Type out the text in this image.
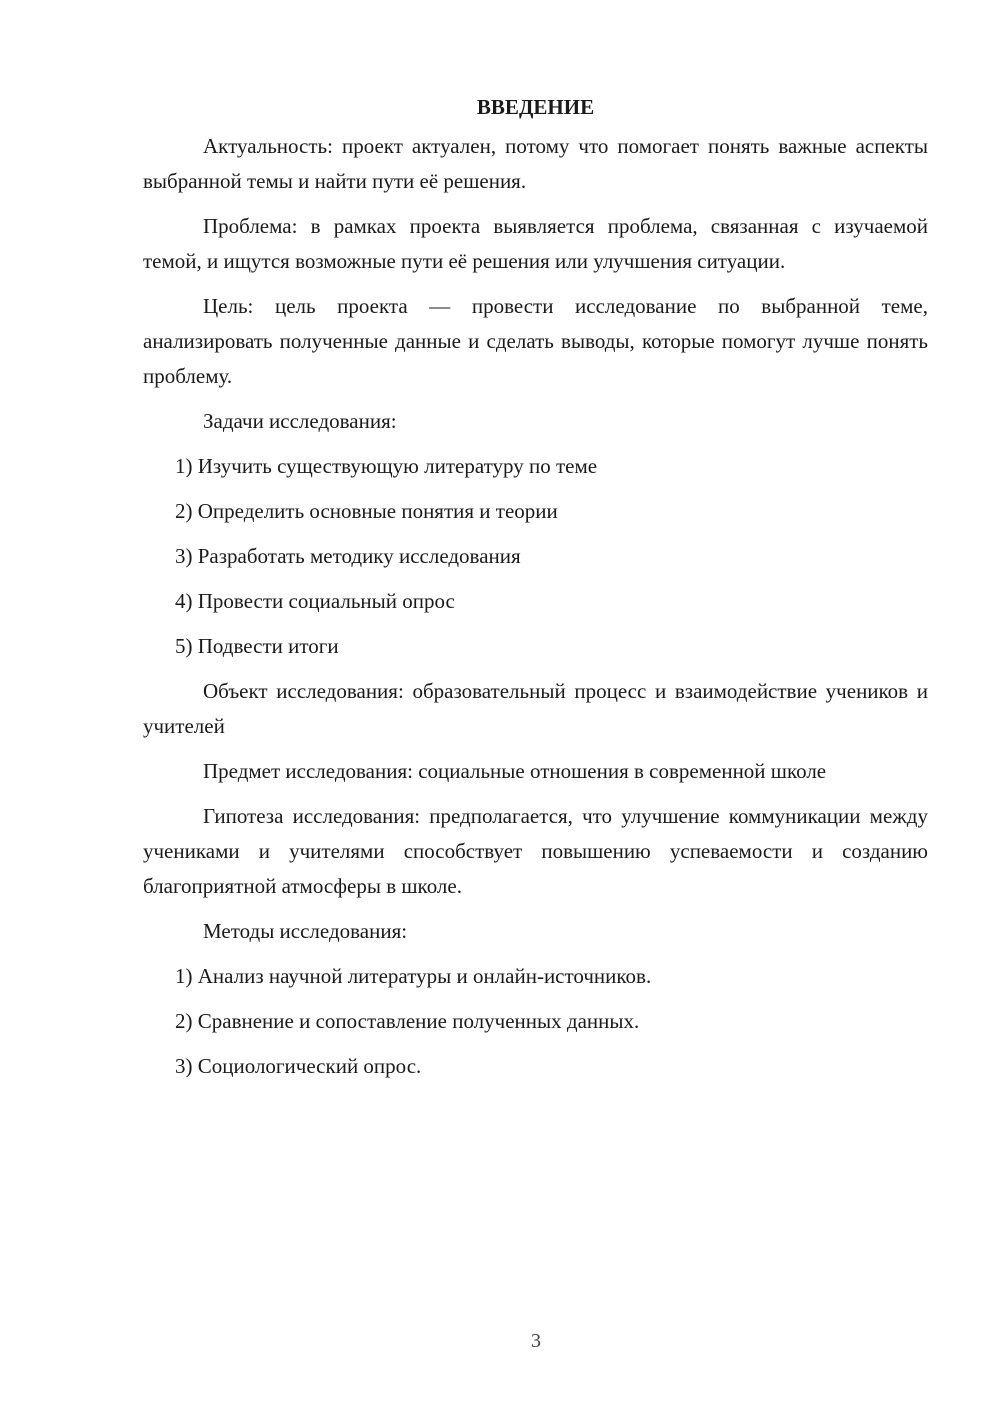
ВВЕДЕНИЕ

Актуальность: проект актуален, потому что помогает понять важные аспекты выбранной темы и найти пути её решения.

Проблема: в рамках проекта выявляется проблема, связанная с изучаемой темой, и ищутся возможные пути её решения или улучшения ситуации.

Цель: цель проекта — провести исследование по выбранной теме, анализировать полученные данные и сделать выводы, которые помогут лучше понять проблему.

Задачи исследования:

1) Изучить существующую литературу по теме
2) Определить основные понятия и теории
3) Разработать методику исследования
4) Провести социальный опрос
5) Подвести итоги

Объект исследования: образовательный процесс и взаимодействие учеников и учителей

Предмет исследования: социальные отношения в современной школе

Гипотеза исследования: предполагается, что улучшение коммуникации между учениками и учителями способствует повышению успеваемости и созданию благоприятной атмосферы в школе.

Методы исследования:

1) Анализ научной литературы и онлайн-источников.
2) Сравнение и сопоставление полученных данных.
3) Социологический опрос.
3
